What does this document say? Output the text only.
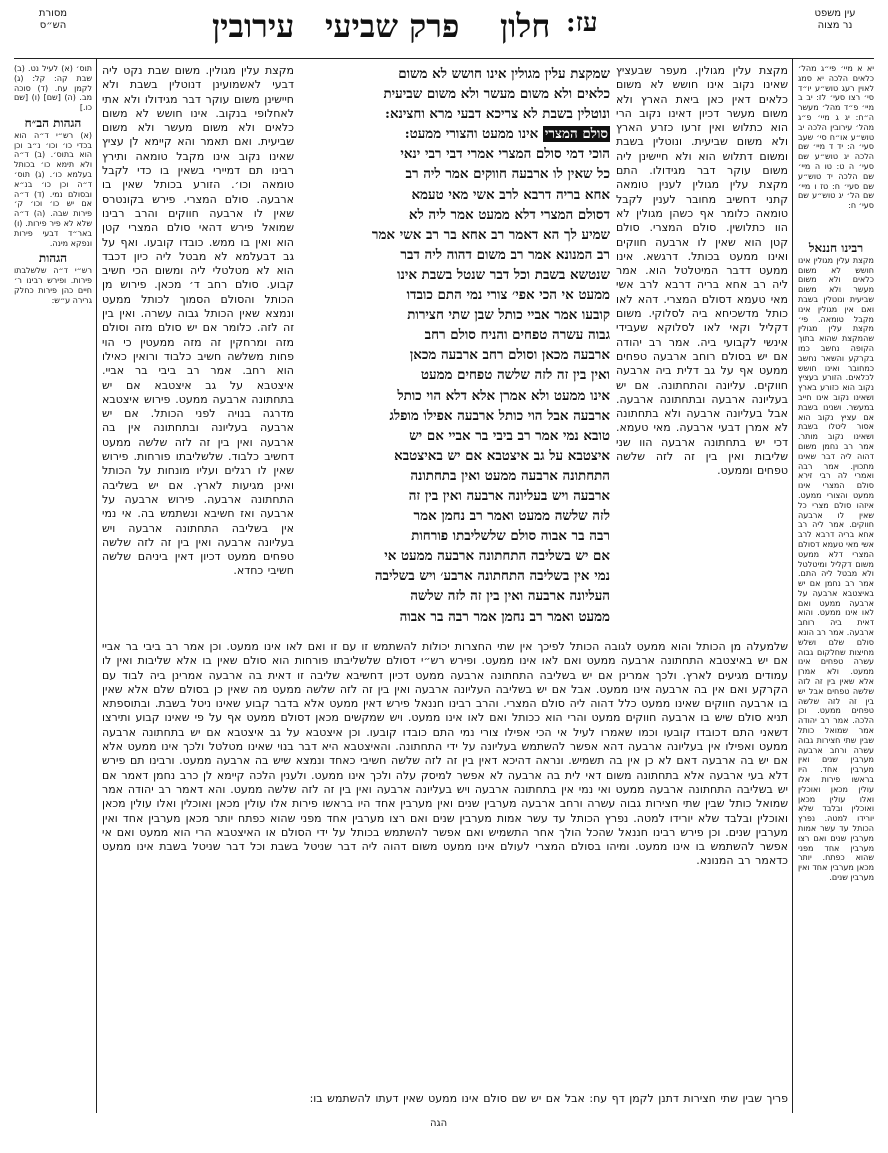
מסורת
הש״ס	עירובין פרק שביעי חלון עז:	עין משפט
נר מצוה
תוס׳ (א) לעיל נט. (ב) שבת קה: קל: (ג) לקמן עח. (ד) סוכה מב. (ה) [שם] (ו) [שם כו.]
הגהות הב״ח
(א) רש״י ד״ה הוא בכדי כו׳ וכו׳ נ״ב וכן הוא בתוס׳. (ב) ד״ה ולא תימא כו׳ בכותל בעלמא כו׳. (ג) תוס׳ ד״ה וכן כו׳ בנ״א ובסולם נמי. (ד) ד״ה אם יש כו׳ וכו׳ ק׳ פירות שבה. (ה) ד״ה שלא לא פיר פירות. (ו) באר״ד דבעי פירות ונפקא מינה.
הגהות
רש״י ד״ה שלשלבתו פירות. ופירש רבינו ר׳ חיים כהן פירות כחלק גרירה ע״ש:
יא א מיי׳ פי״ג מהל׳ כלאים הלכה יא סמג לאוין רעג טוש״ע יו״ד סי׳ רצו סעי׳ לז: יב ב מיי׳ פ״ד מהל׳ מעשר ה״ח: יג ג מיי׳ פ״ג מהל׳ עירובין הלכה יב טוש״ע או״ח סי׳ שעב סעי׳ ה: יד ד מיי׳ שם הלכה יג טוש״ע שם סעי׳ ה ט: טו ה מיי׳ שם הלכה יד טוש״ע שם סעי׳ ח: טז ו מיי׳ שם הל׳ יג טוש״ע שם סעי׳ ח:
רבינו חננאל
מקצת עלין מגולין אינו חושש לא משום כלאים ולא משום מעשר ולא משום שביעית ונוטלין בשבת ואם אין מגולין אינו מקבל טומאה. פי׳ מקצת עלין מגולין שהמקצת שהוא בתוך הקופה נחשב כמו בקרקע והשאר נחשב כמחובר ואינו חושש לכלאים. הזורע בעציץ נקוב הוא כזורע בארץ ושאינו נקוב אינו חייב במעשר. ושנינו בשבת אם עציץ נקוב הוא אסור ליטלו בשבת ושאינו נקוב מותר. אמר רב נחמן משום דהוה ליה דבר שאינו מתכוין. אמר רבה ואמרי לה רבי זירא סולם המצרי אינו ממעט והצורי ממעט. איזהו סולם מצרי כל שאין לו ארבעה חווקים. אמר ליה רב אחא בריה דרבא לרב אשי מאי טעמא דסולם המצרי דלא ממעט משום דקליל ומיטלטל ולא מבטל ליה התם. אמר רב נחמן אם יש באיצטבא ארבעה על ארבעה ממעט ואם לאו אינו ממעט. והוא דאית ביה רוחב ארבעה. אמר רב הונא סולם שלם ושלש מחיצות שחלקום גבוה עשרה טפחים אינו ממעט. ולא אמרן אלא שאין בין זה לזה שלשה טפחים אבל יש בין זה לזה שלשה טפחים ממעט. וכן הלכה. אמר רב יהודה אמר שמואל כותל שבין שתי חצירות גבוה עשרה ורחב ארבעה מערבין שנים ואין מערבין אחד. היו בראשו פירות אלו עולין מכאן ואוכלין ואלו עולין מכאן ואוכלין ובלבד שלא יורידו למטה. נפרץ הכותל עד עשר אמות מערבין שנים ואם רצו מערבין אחד מפני שהוא כפתח. יותר מכאן מערבין אחד ואין מערבין שנים.
מקצת עלין מגולין. מעפר שבעציץ שאינו נקוב אינו חושש לא משום כלאים דאין כאן ביאת הארץ ולא משום מעשר דכיון דאינו נקוב הרי הוא כתלוש ואין זרעו כזרע הארץ ולא משום שביעית. ונוטלין בשבת ומשום דתלוש הוא ולא חיישינן ליה משום עוקר דבר מגידולו. התם מקצת עלין מגולין לענין טומאה קתני דחשיב מחובר לענין לקבל טומאה כלומר אף כשהן מגולין לא הוו כתלושין. סולם המצרי. סולם קטן הוא שאין לו ארבעה חווקים ואינו ממעט בכותל. דרגשא. אינו ממעט דדבר המיטלטל הוא. אמר ליה רב אחא בריה דרבא לרב אשי מאי טעמא דסולם המצרי. דהא לאו כותל מדשכיחא ביה לסלוקי. משום דקליל וקאי לאו לסלוקא שעבידי אינשי לקבועי ביה. אמר רב יהודה אם יש בסולם רוחב ארבעה טפחים ממעט אף על גב דלית ביה ארבעה חווקים. עליונה והתחתונה. אם יש בעליונה ארבעה ובתחתונה ארבעה. אבל בעליונה ארבעה ולא בתחתונה לא אמרן דבעי ארבעה. מאי טעמא. דכי יש בתחתונה ארבעה הוו שני שליבות ואין בין זה לזה שלשה טפחים וממעט.
שמקצת עלין מגולין אינו חושש לא משום
כלאים ולא משום מעשר ולא משום שביעית
ונוטלין בשבת לא צריכא דבעי מרא וחצינא:
סולם המצרי אינו ממעט והצורי ממעט:
הוכי דמי סולם המצרי אמרי דבי רבי ינאי
כל שאין לו ארבעה חווקים אמר ליה רב
אחא בריה דרבא לרב אשי מאי טעמא
דסולם המצרי דלא ממעט אמר ליה לא
שמיע לך הא דאמר רב אחא בר רב אשי אמר
רב המנונא אמר רב משום דהוה ליה דבר
שנטשא בשבת וכל דבר שנטל בשבת אינו
ממעט אי הכי אפי׳ צורי נמי התם כובדו
קובעו אמר אביי כותל שבן שתי חצירות
גבוה עשרה טפחים והניח סולם רחב
ארבעה מכאן וסולם רחב ארבעה מכאן
ואין בין זה לזה שלשה טפחים ממעט
אינו ממעט ולא אמרן אלא דלא הוי כותל
ארבעה אבל הוי כותל ארבעה אפילו מופלג
טובא נמי אמר רב ביבי בר אביי אם יש
איצטבא על גב איצטבא אם יש באיצטבא
התחתונה ארבעה ממעט ואין בתחתונה
ארבעה ויש בעליונה ארבעה ואין בין זה
לזה שלשה ממעט ואמר רב נחמן אמר
רבה בר אבוה סולם שלשליבתו פורחות
אם יש בשליבה התחתונה ארבעה ממעט אי
נמי אין בשליבה התחתונה ארבע׳ ויש בשליבה
העליונה ארבעה ואין בין זה לזה שלשה
ממעט ואמר רב נחמן אמר רבה בר אבוה
מקצת עלין מגולין. משום שבת נקט ליה דבעי לאשמועינן דנוטלין בשבת ולא חיישינן משום עוקר דבר מגידולו ולא אתי לאחלופי בנקוב. אינו חושש לא משום כלאים ולא משום מעשר ולא משום שביעית. ואם תאמר והא קיימא לן עציץ שאינו נקוב אינו מקבל טומאה ותירץ רבינו תם דמיירי בשאין בו כדי לקבל טומאה וכו׳. הזורע בכותל שאין בו ארבעה. סולם המצרי. פירש בקונטרס שאין לו ארבעה חווקים והרב רבינו שמואל פירש דהאי סולם המצרי קטן הוא ואין בו ממש. כובדו קובעו. ואף על גב דבעלמא לא מבטל ליה כיון דכבד הוא לא מטלטלי ליה ומשום הכי חשיב קבוע. סולם רחב ד׳ מכאן. פירוש מן הכותל והסולם הסמוך לכותל ממעט ונמצא שאין הכותל גבוה עשרה. ואין בין זה לזה. כלומר אם יש סולם מזה וסולם מזה ומרחקין זה מזה ממעטין כי הוי פחות משלשה חשיב כלבוד ורואין כאילו הוא רחב. אמר רב ביבי בר אביי. איצטבא על גב איצטבא אם יש בתחתונה ארבעה ממעט. פירוש איצטבא מדרגה בנויה לפני הכותל. אם יש ארבעה בעליונה ובתחתונה אין בה ארבעה ואין בין זה לזה שלשה ממעט דחשיב כלבוד. שלשליבתו פורחות. פירוש שאין לו רגלים ועליו מונחות על הכותל ואינן מגיעות לארץ. אם יש בשליבה התחתונה ארבעה. פירוש ארבעה על ארבעה ואז חשיבא ונשתמש בה. אי נמי אין בשליבה התחתונה ארבעה ויש בעליונה ארבעה ואין בין זה לזה שלשה טפחים ממעט דכיון דאין ביניהם שלשה חשיבי כחדא.
שלמעלה מן הכותל והוא ממעט לגובה הכותל לפיכך אין שתי החצרות יכולות להשתמש זו עם זו ואם לאו אינו ממעט. וכן אמר רב ביבי בר אביי אם יש באיצטבא התחתונה ארבעה ממעט ואם לאו אינו ממעט. ופירש רש״י דסולם שלשליבתו פורחות הוא סולם שאין בו אלא שליבות ואין לו עמודים מגיעים לארץ. ולכך אמרינן אם יש בשליבה התחתונה ארבעה ממעט דכיון דחשיבא שליבה זו דאית בה ארבעה אמרינן ביה לבוד עם הקרקע ואם אין בה ארבעה אינו ממעט. אבל אם יש בשליבה העליונה ארבעה ואין בין זה לזה שלשה ממעט מה שאין כן בסולם שלם אלא שאין בו ארבעה חווקים שאינו ממעט כלל דהוה ליה סולם המצרי. והרב רבינו חננאל פירש דאין ממעט אלא בדבר קבוע שאינו ניטל בשבת. ובתוספתא תניא סולם שיש בו ארבעה חווקים ממעט והרי הוא ככותל ואם לאו אינו ממעט. ויש שמקשים מכאן דסולם ממעט אף על פי שאינו קבוע ותירצו דשאני התם דכובדו קובעו וכמו שאמרו לעיל אי הכי אפילו צורי נמי התם כובדו קובעו. וכן איצטבא על גב איצטבא אם יש בתחתונה ארבעה ממעט ואפילו אין בעליונה ארבעה דהא אפשר להשתמש בעליונה על ידי התחתונה. והאיצטבא היא דבר בנוי שאינו מטלטל ולכך אינו ממעט אלא אם יש בה ארבעה דאם לא כן אין בה תשמיש. ונראה דהיכא דאין בין זה לזה שלשה חשיבי כאחד ונמצא שיש בה ארבעה ממעט. ורבינו תם פירש דלא בעי ארבעה אלא בתחתונה משום דאי לית בה ארבעה לא אפשר למיסק עלה ולכך אינו ממעט. ולענין הלכה קיימא לן כרב נחמן דאמר אם יש בשליבה התחתונה ארבעה ממעט ואי נמי אין בתחתונה ארבעה ויש בעליונה ארבעה ואין בין זה לזה שלשה ממעט. והא דאמר רב יהודה אמר שמואל כותל שבין שתי חצירות גבוה עשרה ורחב ארבעה מערבין שנים ואין מערבין אחד היו בראשו פירות אלו עולין מכאן ואוכלין ואלו עולין מכאן ואוכלין ובלבד שלא יורידו למטה. נפרץ הכותל עד עשר אמות מערבין שנים ואם רצו מערבין אחד מפני שהוא כפתח יותר מכאן מערבין אחד ואין מערבין שנים. וכן פירש רבינו חננאל שהכל הולך אחר התשמיש ואם אפשר להשתמש בכותל על ידי הסולם או האיצטבא הרי הוא ממעט ואם אי אפשר להשתמש בו אינו ממעט. ומיהו בסולם המצרי לעולם אינו ממעט משום דהוה ליה דבר שניטל בשבת וכל דבר שניטל בשבת אינו ממעט כדאמר רב המנונא.
פריך שבין שתי חצירות דתנן לקמן דף עח: אבל אם יש שם סולם אינו ממעט שאין דעתו להשתמש בו:
הגה
